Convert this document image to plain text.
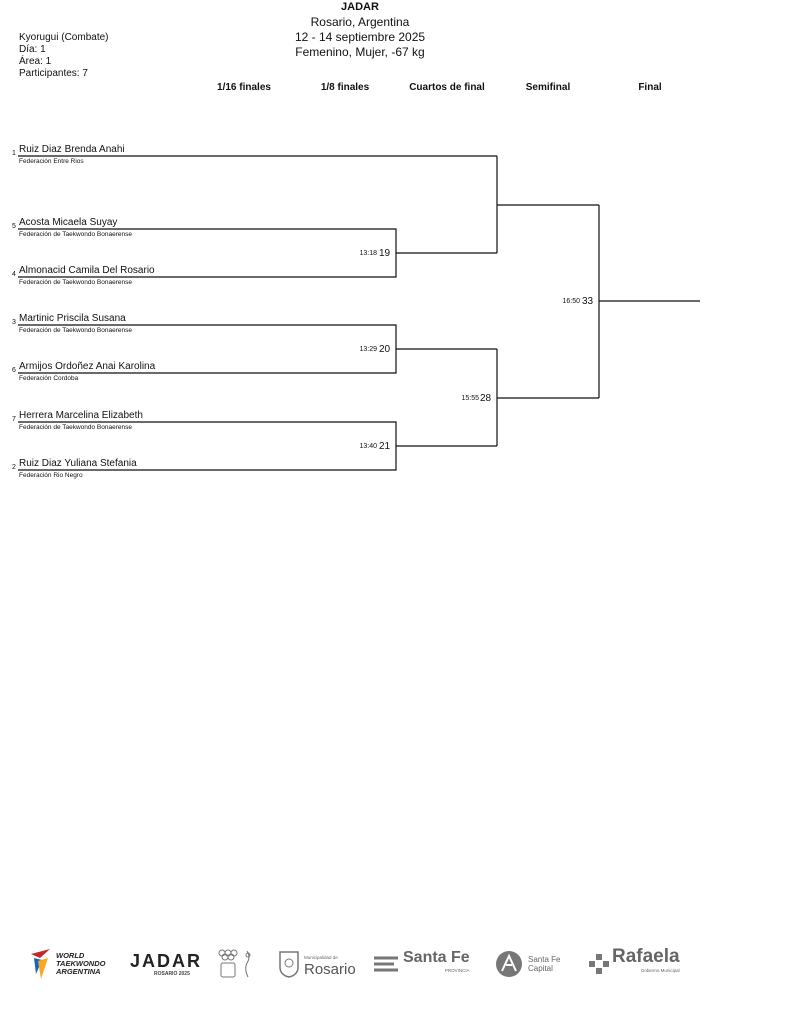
JADAR
Rosario, Argentina
12 - 14 septiembre 2025
Femenino, Mujer, -67 kg
Kyorugui (Combate)
Día: 1
Área: 1
Participantes: 7
1/16 finales	1/8 finales	Cuartos de final	Semifinal	Final
1 Ruiz Diaz Brenda Anahi
Federación Entre Rios
5 Acosta Micaela Suyay
Federación de Taekwondo Bonaerense
4 Almonacid Camila Del Rosario
Federación de Taekwondo Bonaerense
3 Martinic Priscila Susana
Federación de Taekwondo Bonaerense
6 Armijos Ordoñez Anai Karolina
Federación Cordoba
7 Herrera Marcelina Elizabeth
Federación de Taekwondo Bonaerense
2 Ruiz Diaz Yuliana Stefania
Federación Rio Negro
13:18 19
13:29 20
13:40 21
15:55 28
16:50 33
WORLD
TAEKWONDO
ARGENTINA
JADAR
ROSARIO 2025
Municipalidad de
Rosario
Santa Fe
PROVINCIA
Santa Fe
Capital
Rafaela
Gobierno Municipal
